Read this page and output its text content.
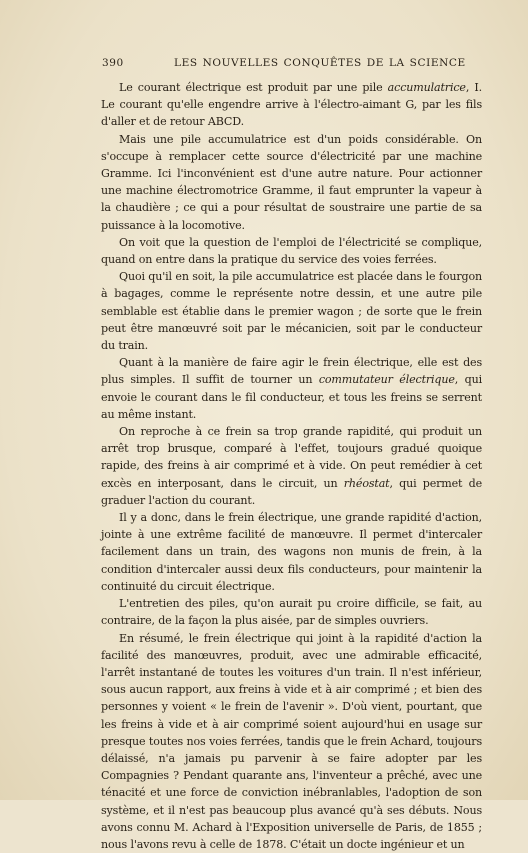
390	LES NOUVELLES CONQUÊTES DE LA SCIENCE

Le courant électrique est produit par une pile accumulatrice, I. Le courant qu'elle engendre arrive à l'électro-aimant G, par les fils d'aller et de retour ABCD.

Mais une pile accumulatrice est d'un poids considérable. On s'occupe à remplacer cette source d'électricité par une machine Gramme. Ici l'inconvénient est d'une autre nature. Pour actionner une machine électromotrice Gramme, il faut emprunter la vapeur à la chaudière ; ce qui a pour résultat de soustraire une partie de sa puissance à la locomotive.

On voit que la question de l'emploi de l'électricité se complique, quand on entre dans la pratique du service des voies ferrées.

Quoi qu'il en soit, la pile accumulatrice est placée dans le fourgon à bagages, comme le représente notre dessin, et une autre pile semblable est établie dans le premier wagon ; de sorte que le frein peut être manœuvré soit par le mécanicien, soit par le conducteur du train.

Quant à la manière de faire agir le frein électrique, elle est des plus simples. Il suffit de tourner un commutateur électrique, qui envoie le courant dans le fil conducteur, et tous les freins se serrent au même instant.

On reproche à ce frein sa trop grande rapidité, qui produit un arrêt trop brusque, comparé à l'effet, toujours gradué quoique rapide, des freins à air comprimé et à vide. On peut remédier à cet excès en interposant, dans le circuit, un rhéostat, qui permet de graduer l'action du courant.

Il y a donc, dans le frein électrique, une grande rapidité d'action, jointe à une extrême facilité de manœuvre. Il permet d'intercaler facilement dans un train, des wagons non munis de frein, à la condition d'intercaler aussi deux fils conducteurs, pour maintenir la continuité du circuit électrique.

L'entretien des piles, qu'on aurait pu croire difficile, se fait, au contraire, de la façon la plus aisée, par de simples ouvriers.

En résumé, le frein électrique qui joint à la rapidité d'action la facilité des manœuvres, produit, avec une admirable efficacité, l'arrêt instantané de toutes les voitures d'un train. Il n'est inférieur, sous aucun rapport, aux freins à vide et à air comprimé ; et bien des personnes y voient « le frein de l'avenir ». D'où vient, pourtant, que les freins à vide et à air comprimé soient aujourd'hui en usage sur presque toutes nos voies ferrées, tandis que le frein Achard, toujours délaissé, n'a jamais pu parvenir à se faire adopter par les Compagnies ? Pendant quarante ans, l'inventeur a prêché, avec une ténacité et une force de conviction inébranlables, l'adoption de son système, et il n'est pas beaucoup plus avancé qu'à ses débuts. Nous avons connu M. Achard à l'Exposition universelle de Paris, de 1855 ; nous l'avons revu à celle de 1878. C'était un docte ingénieur et un
